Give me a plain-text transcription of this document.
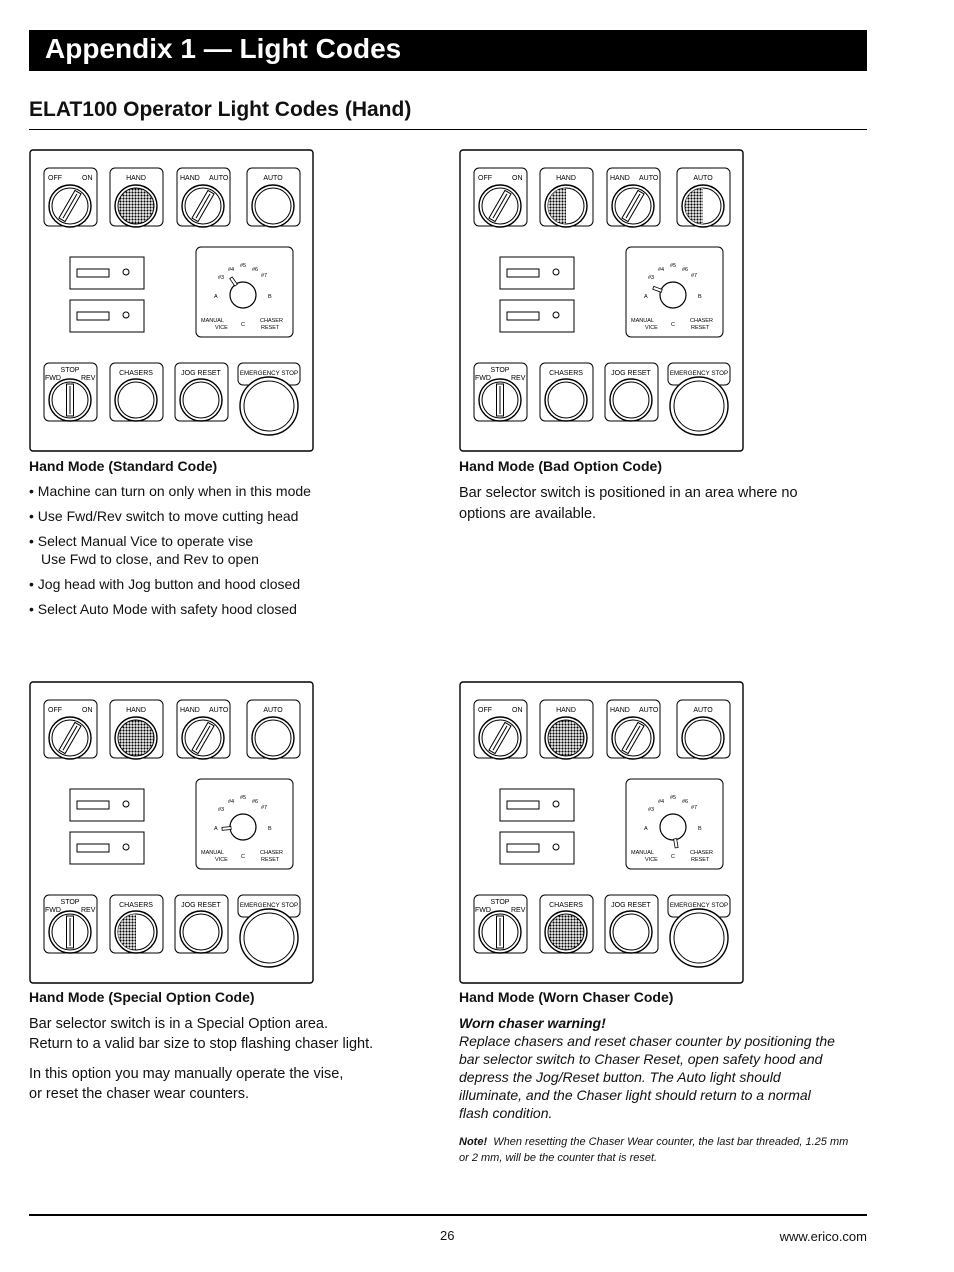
Appendix 1 — Light Codes
ELAT100 Operator Light Codes (Hand)
OFF	ON	HAND	HAND AUTO	AUTO
#3
#4
#5
#6
#7
A	B
C
MANUAL
VICE
CHASER
RESET
STOP
FWD	REV
CHASERS	JOG RESET	EMERGENCY STOP
Hand Mode (Standard Code)
• Machine can turn on only when in this mode
• Use Fwd/Rev switch to move cutting head
• Select Manual Vice to operate vise
Use Fwd to close, and Rev to open
• Jog head with Jog button and hood closed
• Select Auto Mode with safety hood closed
OFF	ON	HAND	HAND AUTO	AUTO
#3
#4
#5
#6
#7
A	B
C
MANUAL
VICE
CHASER
RESET
STOP
FWD	REV
CHASERS	JOG RESET	EMERGENCY STOP
Hand Mode (Bad Option Code)
Bar selector switch is positioned in an area where no options are available.
OFF	ON	HAND	HAND AUTO	AUTO
#3
#4
#5
#6
#7
A	B
C
MANUAL
VICE
CHASER
RESET
STOP
FWD	REV
CHASERS	JOG RESET	EMERGENCY STOP
Hand Mode (Special Option Code)
Bar selector switch is in a Special Option area.
Return to a valid bar size to stop flashing chaser light.
In this option you may manually operate the vise,
or reset the chaser wear counters.
OFF	ON	HAND	HAND AUTO	AUTO
#3
#4
#5
#6
#7
A	B
C
MANUAL
VICE
CHASER
RESET
STOP
FWD	REV
CHASERS	JOG RESET	EMERGENCY STOP
Hand Mode (Worn Chaser Code)
Worn chaser warning!
Replace chasers and reset chaser counter by positioning the bar selector switch to Chaser Reset, open safety hood and depress the Jog/Reset button. The Auto light should illuminate, and the Chaser light should return to a normal flash condition.
Note! When resetting the Chaser Wear counter, the last bar threaded, 1.25 mm or 2 mm, will be the counter that is reset.
26	www.erico.com
